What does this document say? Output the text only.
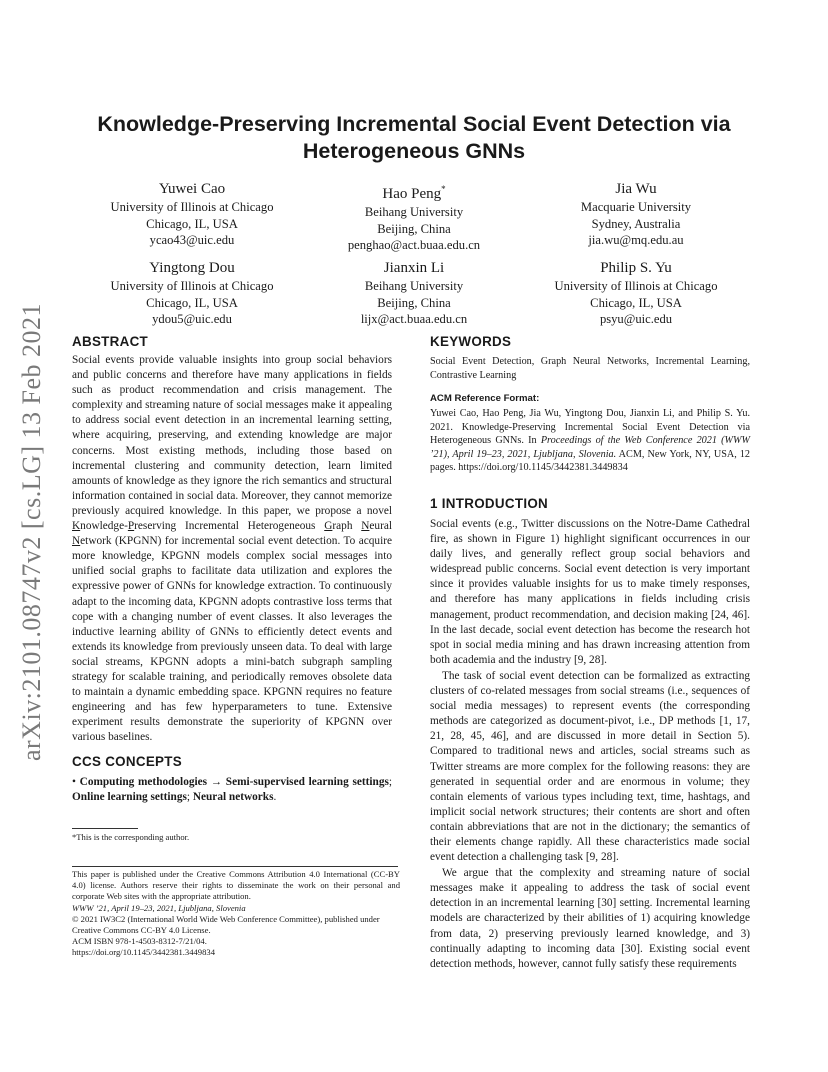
arXiv:2101.08747v2 [cs.LG] 13 Feb 2021
Knowledge-Preserving Incremental Social Event Detection via
Heterogeneous GNNs
Yuwei Cao
University of Illinois at Chicago
Chicago, IL, USA
ycao43@uic.edu
Hao Peng*
Beihang University
Beijing, China
penghao@act.buaa.edu.cn
Jia Wu
Macquarie University
Sydney, Australia
jia.wu@mq.edu.au
Yingtong Dou
University of Illinois at Chicago
Chicago, IL, USA
ydou5@uic.edu
Jianxin Li
Beihang University
Beijing, China
lijx@act.buaa.edu.cn
Philip S. Yu
University of Illinois at Chicago
Chicago, IL, USA
psyu@uic.edu
ABSTRACT

Social events provide valuable insights into group social behaviors and public concerns and therefore have many applications in fields such as product recommendation and crisis management. The complexity and streaming nature of social messages make it appealing to address social event detection in an incremental learning setting, where acquiring, preserving, and extending knowledge are major concerns. Most existing methods, including those based on incremental clustering and community detection, learn limited amounts of knowledge as they ignore the rich semantics and structural information contained in social data. Moreover, they cannot memorize previously acquired knowledge. In this paper, we propose a novel Knowledge-Preserving Incremental Heterogeneous Graph Neural Network (KPGNN) for incremental social event detection. To acquire more knowledge, KPGNN models complex social messages into unified social graphs to facilitate data utilization and explores the expressive power of GNNs for knowledge extraction. To continuously adapt to the incoming data, KPGNN adopts contrastive loss terms that cope with a changing number of event classes. It also leverages the inductive learning ability of GNNs to efficiently detect events and extends its knowledge from previously unseen data. To deal with large social streams, KPGNN adopts a mini-batch subgraph sampling strategy for scalable training, and periodically removes obsolete data to maintain a dynamic embedding space. KPGNN requires no feature engineering and has few hyperparameters to tune. Extensive experiment results demonstrate the superiority of KPGNN over various baselines.

CCS CONCEPTS

• Computing methodologies → Semi-supervised learning settings; Online learning settings; Neural networks.

*This is the corresponding author.

This paper is published under the Creative Commons Attribution 4.0 International (CC-BY 4.0) license. Authors reserve their rights to disseminate the work on their personal and corporate Web sites with the appropriate attribution.

WWW ’21, April 19–23, 2021, Ljubljana, Slovenia

© 2021 IW3C2 (International World Wide Web Conference Committee), published under Creative Commons CC-BY 4.0 License.

ACM ISBN 978-1-4503-8312-7/21/04.

https://doi.org/10.1145/3442381.3449834

KEYWORDS

Social Event Detection, Graph Neural Networks, Incremental Learning, Contrastive Learning

ACM Reference Format:

Yuwei Cao, Hao Peng, Jia Wu, Yingtong Dou, Jianxin Li, and Philip S. Yu. 2021. Knowledge-Preserving Incremental Social Event Detection via Heterogeneous GNNs. In Proceedings of the Web Conference 2021 (WWW ’21), April 19–23, 2021, Ljubljana, Slovenia. ACM, New York, NY, USA, 12 pages. https://doi.org/10.1145/3442381.3449834

1 INTRODUCTION

Social events (e.g., Twitter discussions on the Notre-Dame Cathedral fire, as shown in Figure 1) highlight significant occurrences in our daily lives, and generally reflect group social behaviors and widespread public concerns. Social event detection is very important since it provides valuable insights for us to make timely responses, and therefore has many applications in fields including crisis management, product recommendation, and decision making [24, 46]. In the last decade, social event detection has become the research hot spot in social media mining and has drawn increasing attention from both academia and the industry [9, 28].

The task of social event detection can be formalized as extracting clusters of co-related messages from social streams (i.e., sequences of social media messages) to represent events (the corresponding methods are categorized as document-pivot, i.e., DP methods [1, 17, 21, 28, 45, 46], and are discussed in more detail in Section 5). Compared to traditional news and articles, social streams such as Twitter streams are more complex for the following reasons: they are generated in sequential order and are enormous in volume; they contain elements of various types including text, time, hashtags, and implicit social network structures; their contents are short and often contain abbreviations that are not in the dictionary; the semantics of their elements change rapidly. All these characteristics made social event detection a challenging task [9, 28].

We argue that the complexity and streaming nature of social messages make it appealing to address the task of social event detection in an incremental learning [30] setting. Incremental learning models are characterized by their abilities of 1) acquiring knowledge from data, 2) preserving previously learned knowledge, and 3) continually adapting to incoming data [30]. Existing social event detection methods, however, cannot fully satisfy these requirements
